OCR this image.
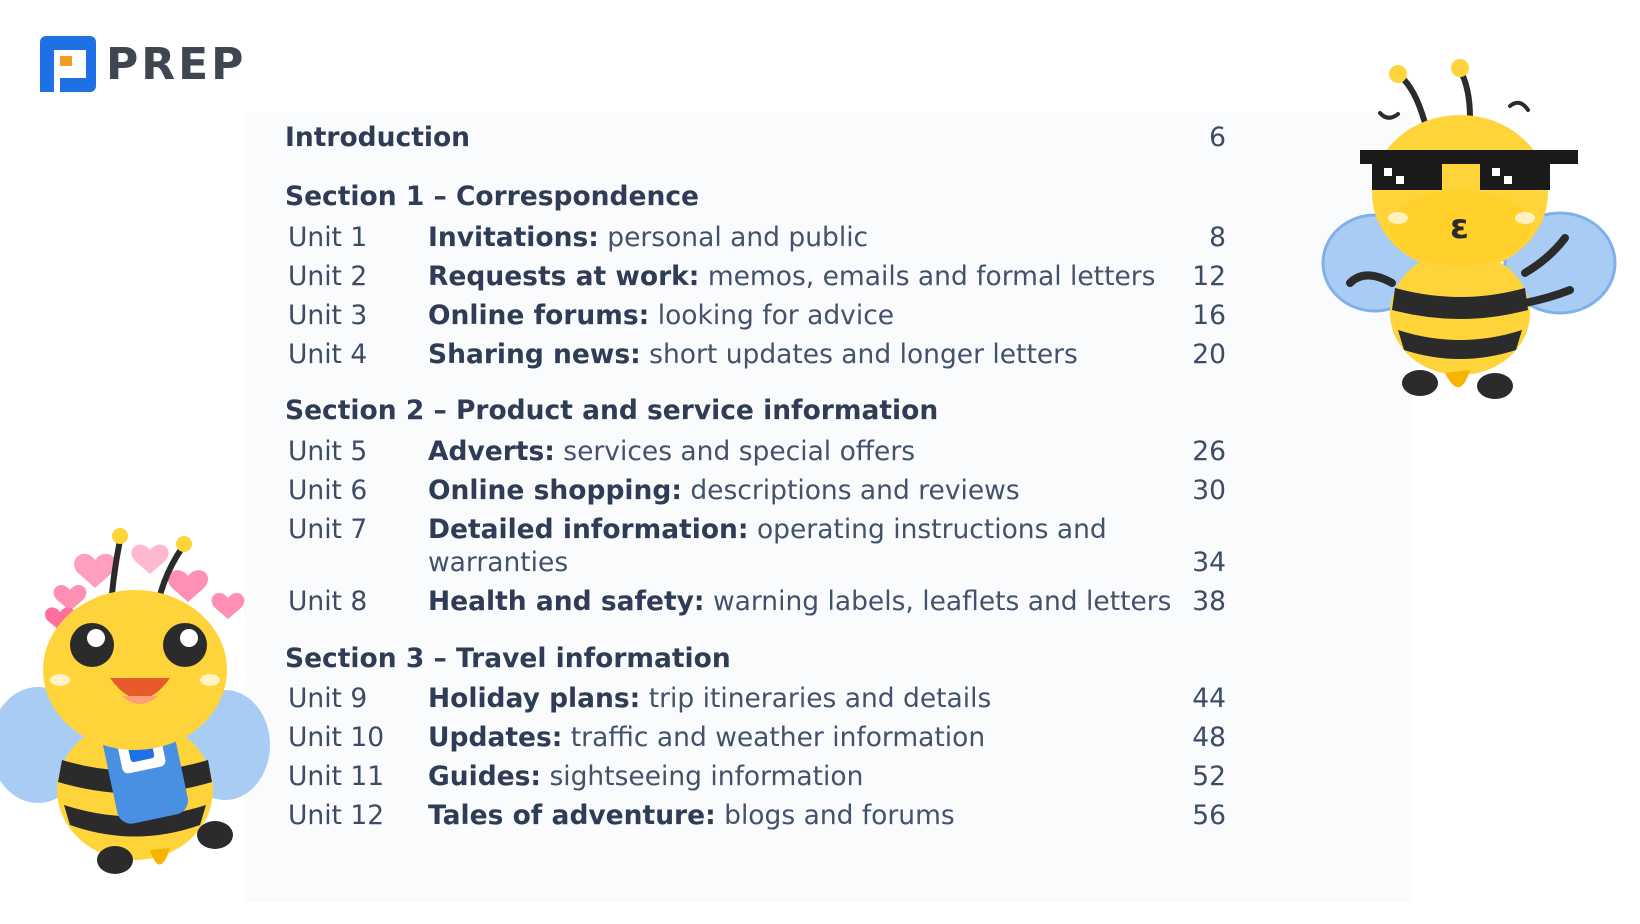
PREP
Introduction	6
Section 1 – Correspondence
Unit 1 Invitations: personal and public	8
Unit 2 Requests at work: memos, emails and formal letters 12
Unit 3 Online forums: looking for advice	16
Unit 4 Sharing news: short updates and longer letters	20
Section 2 – Product and service information
Unit 5 Adverts: services and special offers	26
Unit 6 Online shopping: descriptions and reviews	30
Unit 7 Detailed information: operating instructions and
warranties	34
Unit 8 Health and safety: warning labels, leaflets and letters 38
Section 3 – Travel information
Unit 9 Holiday plans: trip itineraries and details	44
Unit 10 Updates: traffic and weather information	48
Unit 11 Guides: sightseeing information	52
Unit 12 Tales of adventure: blogs and forums	56
ɛ
